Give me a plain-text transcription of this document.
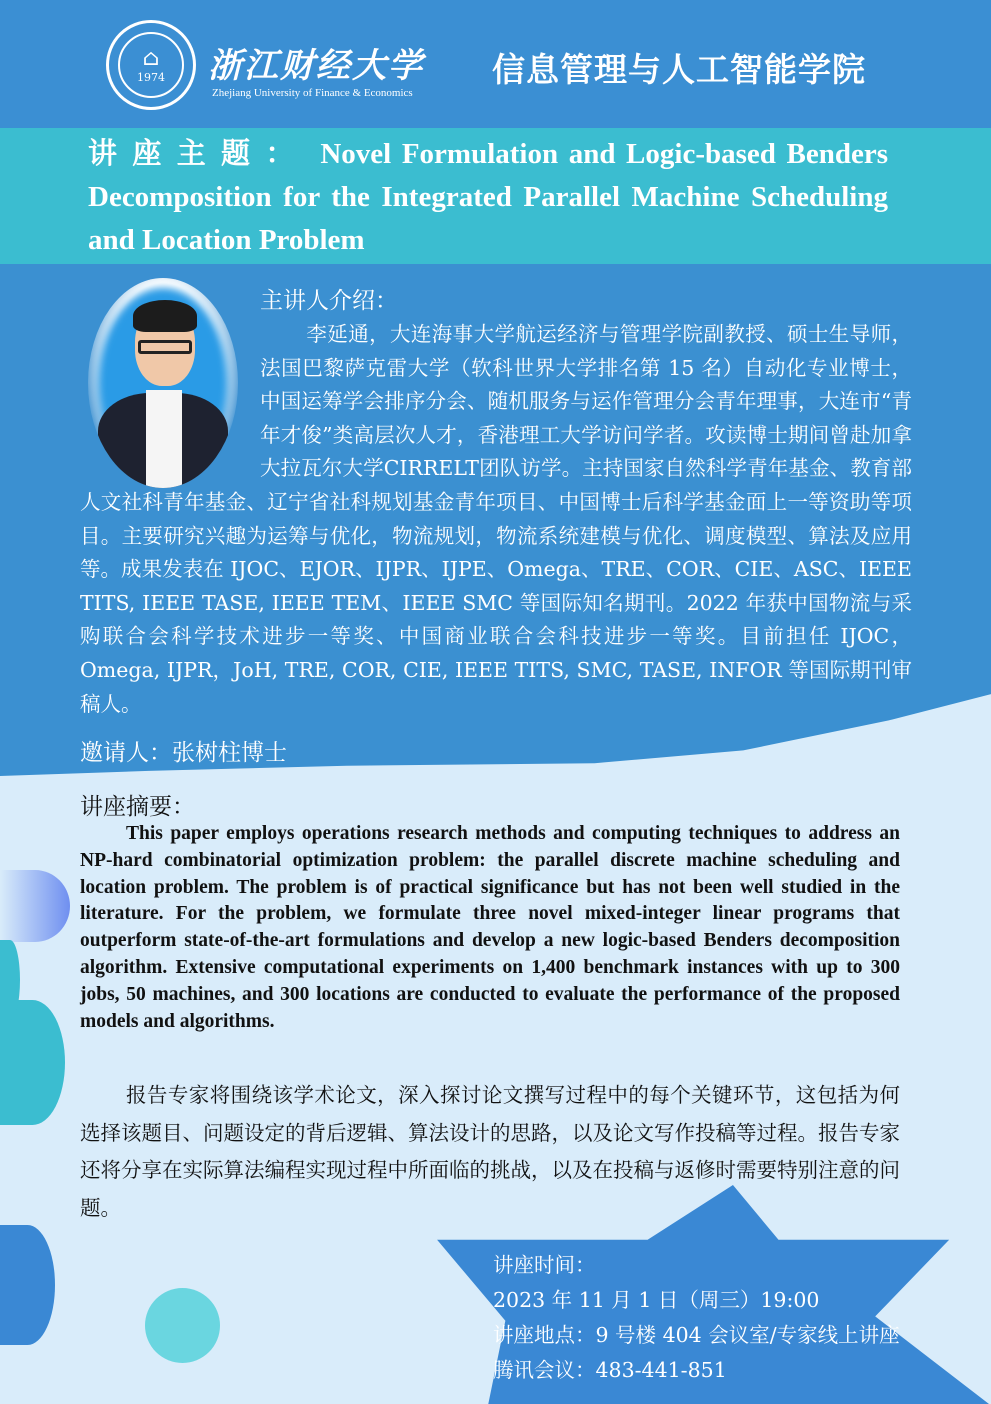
⌂
1974 浙江财经大学
Zhejiang University of Finance & Economics
信息管理与人工智能学院
讲座主题： Novel Formulation and Logic-based Benders Decomposition for the Integrated Parallel Machine Scheduling and Location Problem
主讲人介绍：
李延通，大连海事大学航运经济与管理学院副教授、硕士生导师，法国巴黎萨克雷大学（软科世界大学排名第 15 名）自动化专业博士，中国运筹学会排序分会、随机服务与运作管理分会青年理事，大连市“青年才俊”类高层次人才，香港理工大学访问学者。攻读博士期间曾赴加拿大拉瓦尔大学CIRRELT团队访学。主持国家自然科学青年基金、教育部人文社科青年基金、辽宁省社科规划基金青年项目、中国博士后科学基金面上一等资助等项目。主要研究兴趣为运筹与优化，物流规划，物流系统建模与优化、调度模型、算法及应用等。成果发表在 IJOC、EJOR、IJPR、IJPE、Omega、TRE、COR、CIE、ASC、IEEE TITS, IEEE TASE, IEEE TEM、IEEE SMC 等国际知名期刊。2022 年获中国物流与采购联合会科学技术进步一等奖、中国商业联合会科技进步一等奖。目前担任 IJOC，Omega, IJPR，JoH, TRE, COR, CIE, IEEE TITS, SMC, TASE, INFOR 等国际期刊审稿人。
邀请人：张树柱博士
讲座摘要：
This paper employs operations research methods and computing techniques to address an NP-hard combinatorial optimization problem: the parallel discrete machine scheduling and location problem. The problem is of practical significance but has not been well studied in the literature. For the problem, we formulate three novel mixed-integer linear programs that outperform state-of-the-art formulations and develop a new logic-based Benders decomposition algorithm. Extensive computational experiments on 1,400 benchmark instances with up to 300 jobs, 50 machines, and 300 locations are conducted to evaluate the performance of the proposed models and algorithms.
报告专家将围绕该学术论文，深入探讨论文撰写过程中的每个关键环节，这包括为何选择该题目、问题设定的背后逻辑、算法设计的思路，以及论文写作投稿等过程。报告专家还将分享在实际算法编程实现过程中所面临的挑战，以及在投稿与返修时需要特别注意的问题。
讲座时间：
2023 年 11 月 1 日（周三）19:00
讲座地点：9 号楼 404 会议室/专家线上讲座
腾讯会议：483-441-851
